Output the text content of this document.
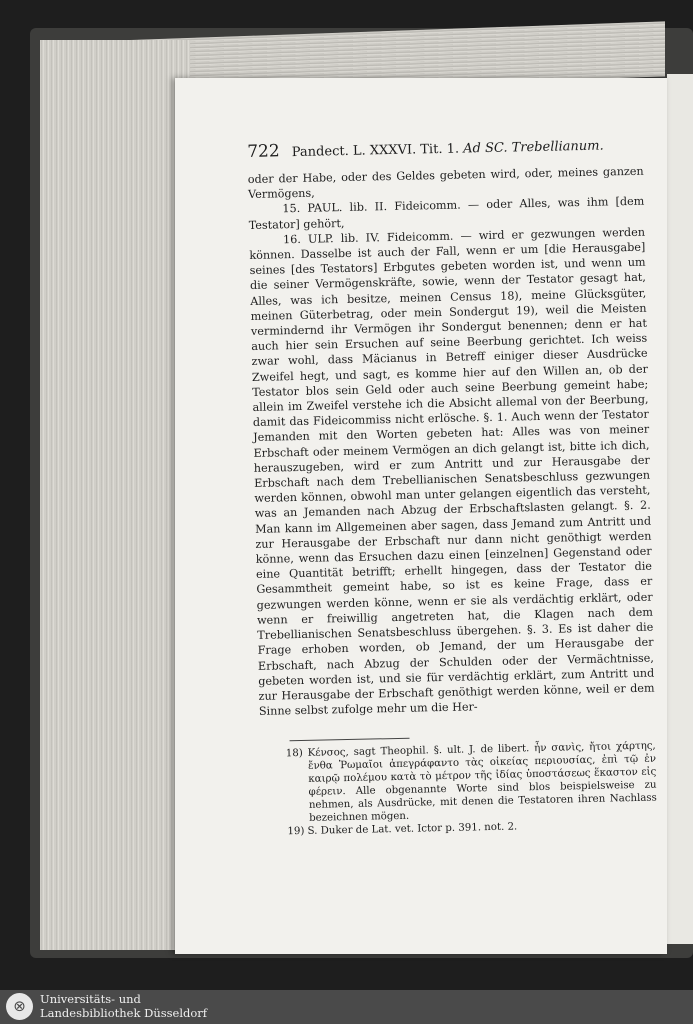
722 Pandect. L. XXXVI. Tit. 1. Ad SC. Trebellianum.

oder der Habe, oder des Geldes gebeten wird, oder, meines ganzen Vermögens,

15. PAUL. lib. II. Fideicomm. — oder Alles, was ihm [dem Testator] gehört,

16. ULP. lib. IV. Fideicomm. — wird er gezwungen werden können. Dasselbe ist auch der Fall, wenn er um [die Herausgabe] seines [des Testators] Erbgutes gebeten worden ist, und wenn um die seiner Vermögenskräfte, sowie, wenn der Testator gesagt hat, Alles, was ich besitze, meinen Census 18), meine Glücksgüter, meinen Güterbetrag, oder mein Sondergut 19), weil die Meisten vermindernd ihr Vermögen ihr Sondergut benennen; denn er hat auch hier sein Ersuchen auf seine Beerbung gerichtet. Ich weiss zwar wohl, dass Mäcianus in Betreff einiger dieser Ausdrücke Zweifel hegt, und sagt, es komme hier auf den Willen an, ob der Testator blos sein Geld oder auch seine Beerbung gemeint habe; allein im Zweifel verstehe ich die Absicht allemal von der Beerbung, damit das Fideicommiss nicht erlösche. §. 1. Auch wenn der Testator Jemanden mit den Worten gebeten hat: Alles was von meiner Erbschaft oder meinem Vermögen an dich gelangt ist, bitte ich dich, herauszugeben, wird er zum Antritt und zur Herausgabe der Erbschaft nach dem Trebellianischen Senatsbeschluss gezwungen werden können, obwohl man unter gelangen eigentlich das versteht, was an Jemanden nach Abzug der Erbschaftslasten gelangt. §. 2. Man kann im Allgemeinen aber sagen, dass Jemand zum Antritt und zur Herausgabe der Erbschaft nur dann nicht genöthigt werden könne, wenn das Ersuchen dazu einen [einzelnen] Gegenstand oder eine Quantität betrifft; erhellt hingegen, dass der Testator die Gesammtheit gemeint habe, so ist es keine Frage, dass er gezwungen werden könne, wenn er sie als verdächtig erklärt, oder wenn er freiwillig angetreten hat, die Klagen nach dem Trebellianischen Senatsbeschluss übergehen. §. 3. Es ist daher die Frage erhoben worden, ob Jemand, der um Herausgabe der Erbschaft, nach Abzug der Schulden oder der Vermächtnisse, gebeten worden ist, und sie für verdächtig erklärt, zum Antritt und zur Herausgabe der Erbschaft genöthigt werden könne, weil er dem Sinne selbst zufolge mehr um die Her-

18) Κένσος, sagt Theophil. §. ult. J. de libert. ἦν σανὶς, ἤτοι χάρτης, ἔνθα Ῥωμαῖοι ἀπεγράφαντο τὰς οἰκείας περιουσίας, ἐπὶ τῷ ἐν καιρῷ πολέμου κατὰ τὸ μέτρον τῆς ἰδίας ὑποστάσεως ἕκαστον εἰς φέρειν. Alle obgenannte Worte sind blos beispielsweise zu nehmen, als Ausdrücke, mit denen die Testatoren ihren Nachlass bezeichnen mögen.

19) S. Duker de Lat. vet. Ictor p. 391. not. 2.

⊗	Universitäts- und
Landesbibliothek Düsseldorf
